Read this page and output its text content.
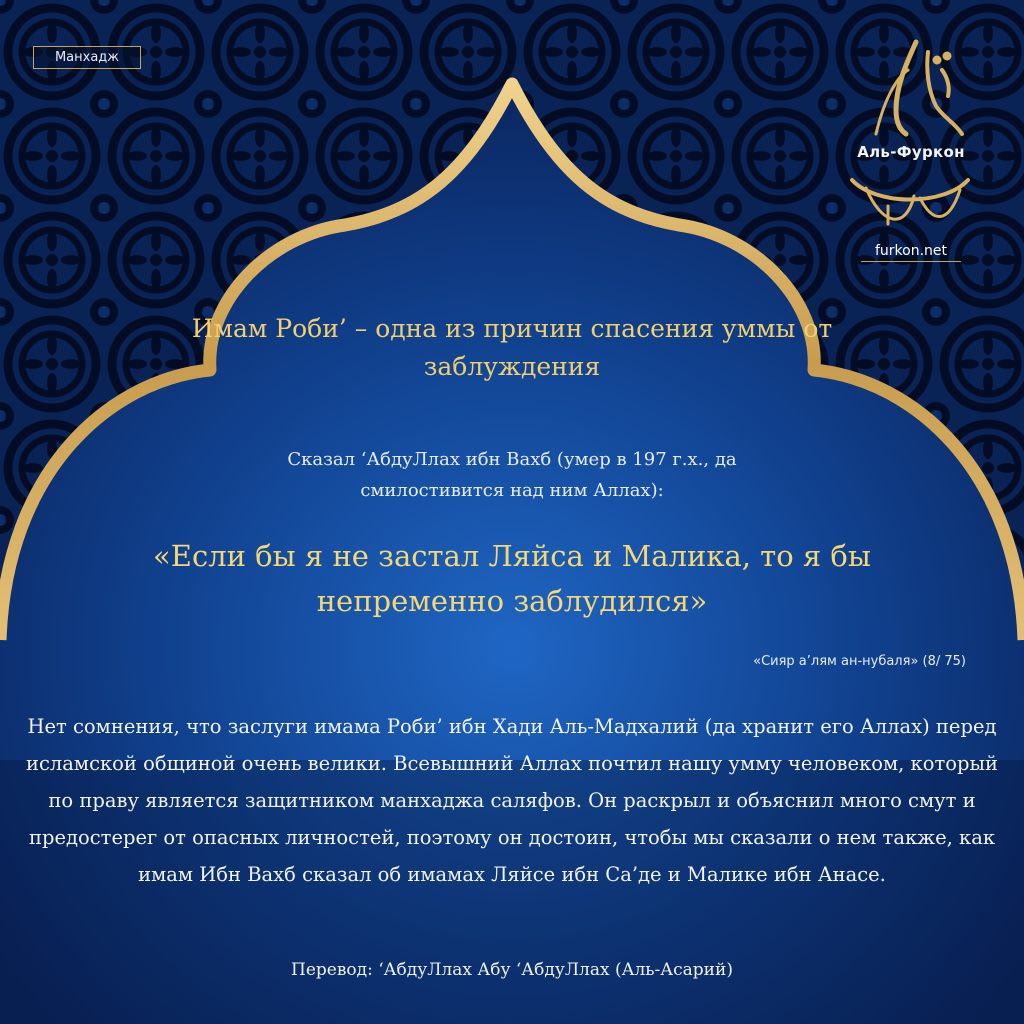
Манхадж
Аль-Фуркон
furkon.net
Имам Роби’ – одна из причин спасения уммы от заблуждения
Сказал ‘АбдуЛлах ибн Вахб (умер в 197 г.х., да смилостивится над ним Аллах):
«Если бы я не застал Ляйса и Малика, то я бы непременно заблудился»
«Сияр а’лям ан-нубаля» (8/ 75)
Нет сомнения, что заслуги имама Роби’ ибн Хади Аль-Мадхалий (да хранит его Аллах) перед исламской общиной очень велики. Всевышний Аллах почтил нашу умму человеком, который по праву является защитником манхаджа саляфов. Он раскрыл и объяснил много смут и предостерег от опасных личностей, поэтому он достоин, чтобы мы сказали о нем также, как имам Ибн Вахб сказал об имамах Ляйсе ибн Са’де и Малике ибн Анасе.
Перевод: ‘АбдуЛлах Абу ‘АбдуЛлах (Аль-Асарий)
